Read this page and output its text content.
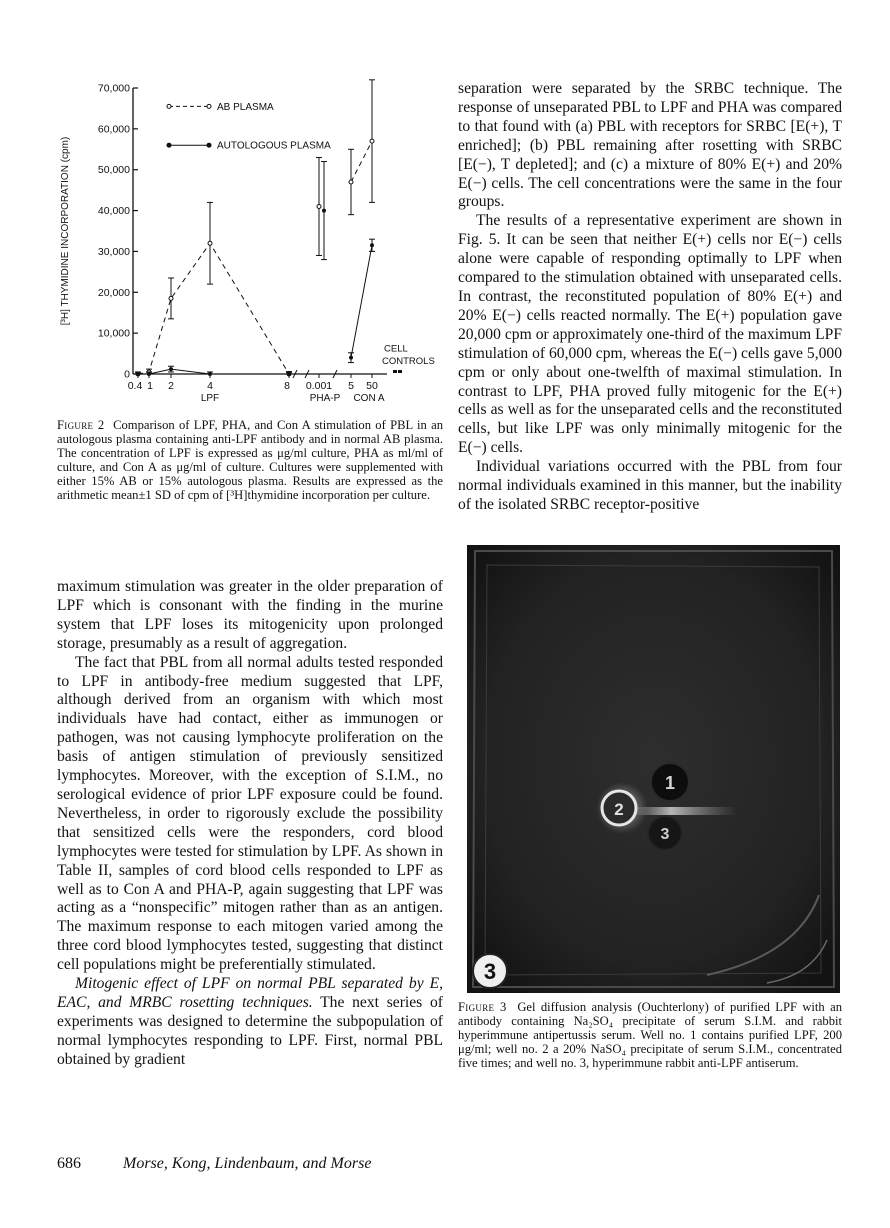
0
10,000
20,000
30,000
40,000
50,000
60,000
70,000
[³H] THYMIDINE INCORPORATION (cpm)
0.4 1 2	4	8 0.001 5 50
LPF	PHA-P CON A
AB PLASMA
AUTOLOGOUS PLASMA
CELL
CONTROLS
Figure 2 Comparison of LPF, PHA, and Con A stimulation of PBL in an autologous plasma containing anti-LPF antibody and in normal AB plasma. The concentration of LPF is expressed as μg/ml culture, PHA as ml/ml of culture, and Con A as μg/ml of culture. Cultures were supplemented with either 15% AB or 15% autologous plasma. Results are expressed as the arithmetic mean±1 SD of cpm of [³H]thymidine incorporation per culture.

separation were separated by the SRBC technique. The response of unseparated PBL to LPF and PHA was compared to that found with (a) PBL with receptors for SRBC [E(+), T enriched]; (b) PBL remaining after rosetting with SRBC [E(−), T depleted]; and (c) a mixture of 80% E(+) and 20% E(−) cells. The cell concentrations were the same in the four groups.

The results of a representative experiment are shown in Fig. 5. It can be seen that neither E(+) cells nor E(−) cells alone were capable of responding optimally to LPF when compared to the stimulation obtained with unseparated cells. In contrast, the reconstituted population of 80% E(+) and 20% E(−) cells reacted normally. The E(+) population gave 20,000 cpm or approximately one-third of the maximum LPF stimulation of 60,000 cpm, whereas the E(−) cells gave 5,000 cpm or only about one-twelfth of maximal stimulation. In contrast to LPF, PHA proved fully mitogenic for the E(+) cells as well as for the unseparated cells and the reconstituted cells, but like LPF was only minimally mitogenic for the E(−) cells.

Individual variations occurred with the PBL from four normal individuals examined in this manner, but the inability of the isolated SRBC receptor-positive

1
2
3
3
Figure 3 Gel diffusion analysis (Ouchterlony) of purified LPF with an antibody containing Na₂SO₄ precipitate of serum S.I.M. and rabbit hyperimmune antipertussis serum. Well no. 1 contains purified LPF, 200 μg/ml; well no. 2 a 20% NaSO₄ precipitate of serum S.I.M., concentrated five times; and well no. 3, hyperimmune rabbit anti-LPF antiserum.

maximum stimulation was greater in the older preparation of LPF which is consonant with the finding in the murine system that LPF loses its mitogenicity upon prolonged storage, presumably as a result of aggregation.

The fact that PBL from all normal adults tested responded to LPF in antibody-free medium suggested that LPF, although derived from an organism with which most individuals have had contact, either as immunogen or pathogen, was not causing lymphocyte proliferation on the basis of antigen stimulation of previously sensitized lymphocytes. Moreover, with the exception of S.I.M., no serological evidence of prior LPF exposure could be found. Nevertheless, in order to rigorously exclude the possibility that sensitized cells were the responders, cord blood lymphocytes were tested for stimulation by LPF. As shown in Table II, samples of cord blood cells responded to LPF as well as to Con A and PHA-P, again suggesting that LPF was acting as a “nonspecific” mitogen rather than as an antigen. The maximum response to each mitogen varied among the three cord blood lymphocytes tested, suggesting that distinct cell populations might be preferentially stimulated.

Mitogenic effect of LPF on normal PBL separated by E, EAC, and MRBC rosetting techniques. The next series of experiments was designed to determine the subpopulation of normal lymphocytes responding to LPF. First, normal PBL obtained by gradient

686	Morse, Kong, Lindenbaum, and Morse
